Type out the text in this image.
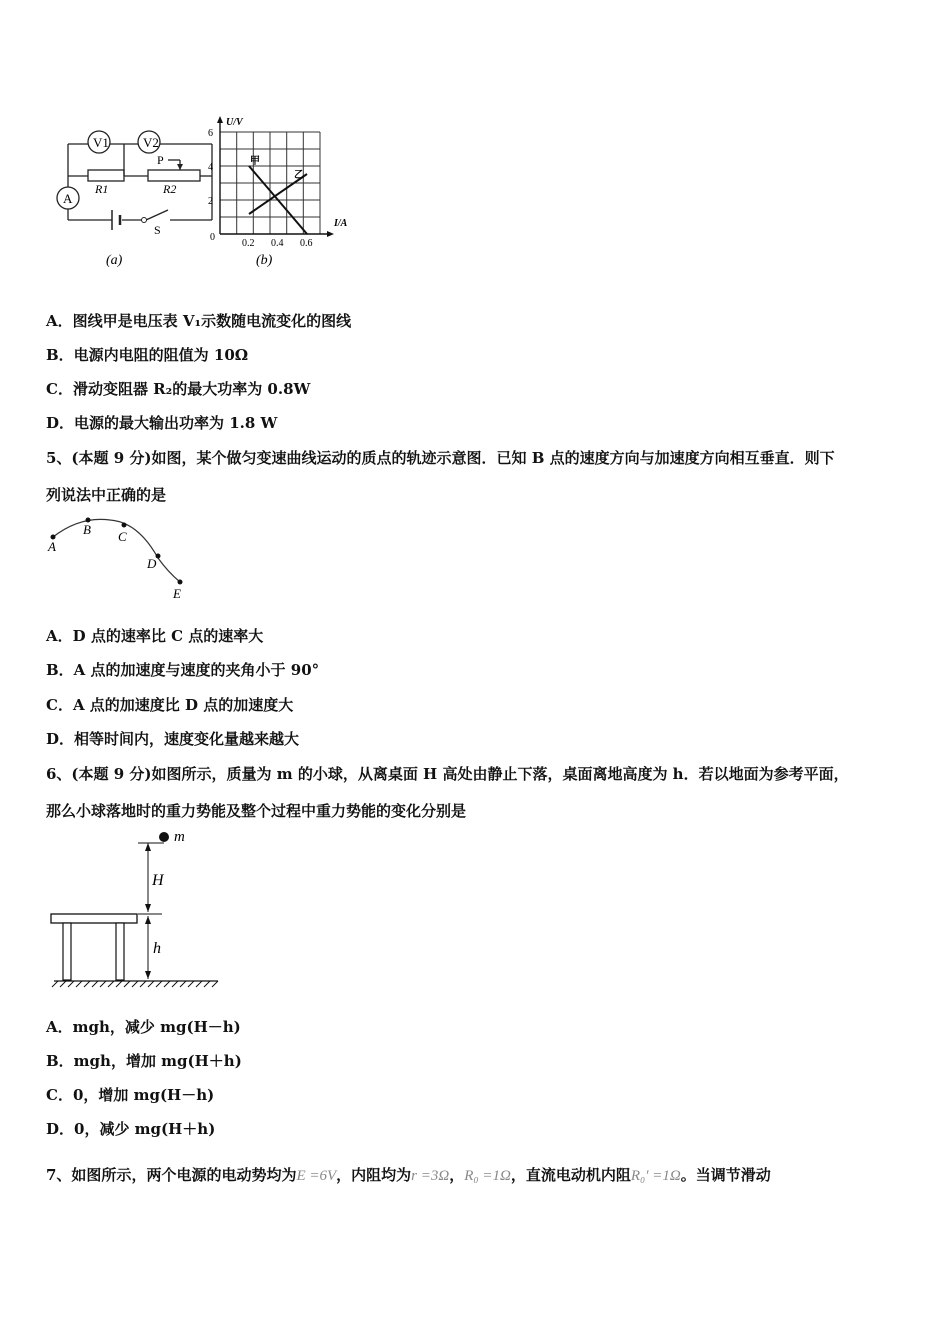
V1	V2
A
R1	R2
P
S
(a)
U/V
I/A
6
4
2
0
0.2 0.4 0.6
甲
乙
(b)
A．图线甲是电压表 V₁示数随电流变化的图线
B．电源内电阻的阻值为 10Ω
C．滑动变阻器 R₂的最大功率为 0.8W
D．电源的最大输出功率为 1.8 W
5、(本题 9 分)如图，某个做匀变速曲线运动的质点的轨迹示意图．已知 B 点的速度方向与加速度方向相互垂直．则下
列说法中正确的是
A
B C
D
E
A．D 点的速率比 C 点的速率大
B．A 点的加速度与速度的夹角小于 90°
C．A 点的加速度比 D 点的加速度大
D．相等时间内，速度变化量越来越大
6、(本题 9 分)如图所示，质量为 m 的小球，从离桌面 H 高处由静止下落，桌面离地高度为 h．若以地面为参考平面，
那么小球落地时的重力势能及整个过程中重力势能的变化分别是
m
H
h
A．mgh，减少 mg(H－h)
B．mgh，增加 mg(H＋h)
C．0，增加 mg(H－h)
D．0，减少 mg(H＋h)
7、如图所示，两个电源的电动势均为E =6V，内阻均为r =3Ω，R₀ =1Ω，直流电动机内阻R₀′ =1Ω。当调节滑动
